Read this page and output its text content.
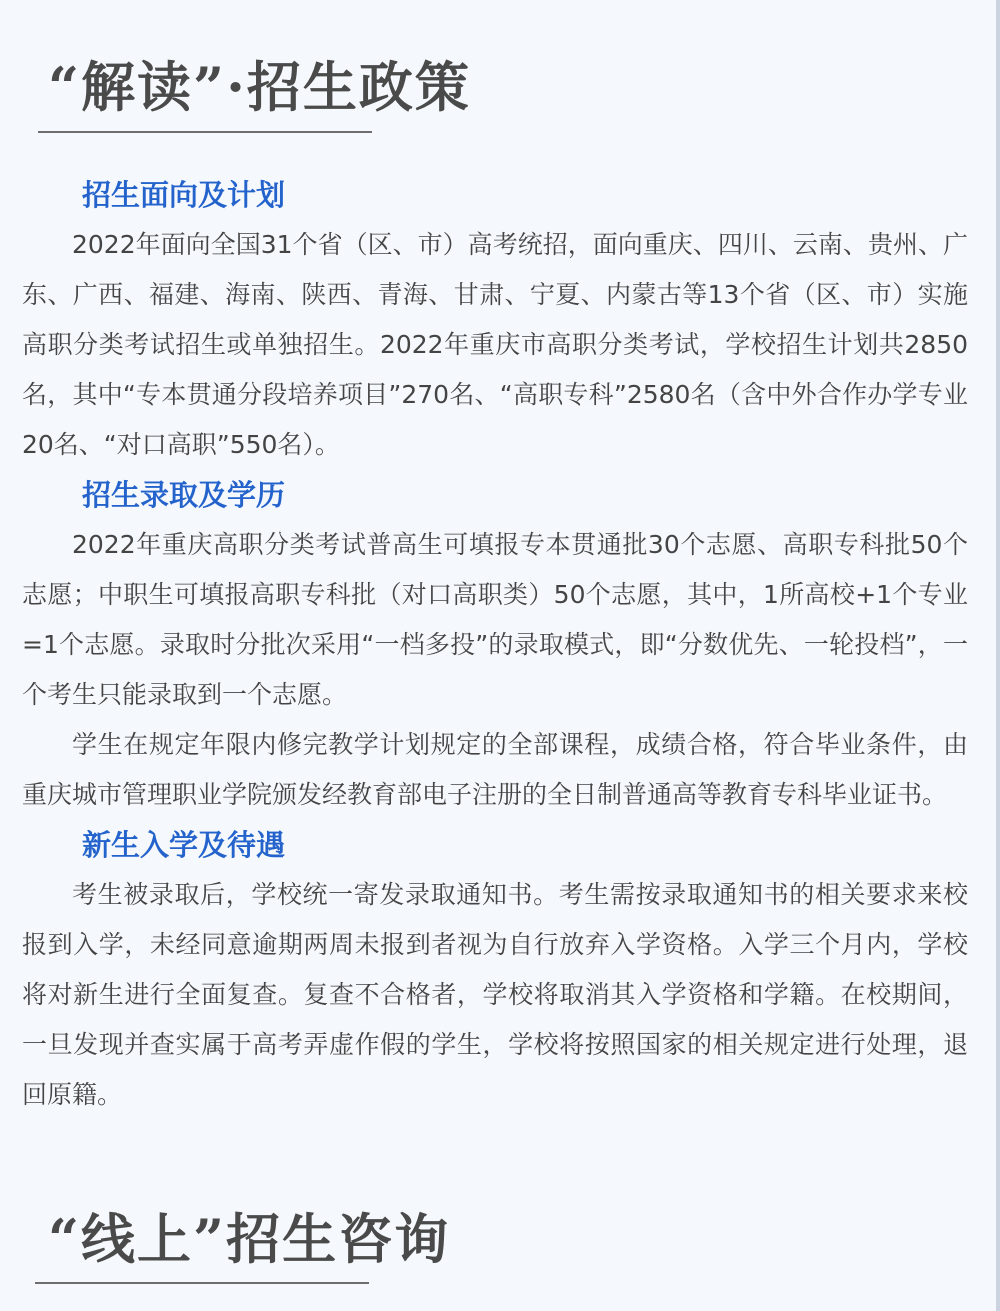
“解读”·招生政策
招生面向及计划

2022年面向全国31个省（区、市）高考统招，面向重庆、四川、云南、贵州、广东、广西、福建、海南、陕西、青海、甘肃、宁夏、内蒙古等13个省（区、市）实施高职分类考试招生或单独招生。2022年重庆市高职分类考试，学校招生计划共2850名，其中“专本贯通分段培养项目”270名、“高职专科”2580名（含中外合作办学专业20名、“对口高职”550名）。

招生录取及学历

2022年重庆高职分类考试普高生可填报专本贯通批30个志愿、高职专科批50个志愿；中职生可填报高职专科批（对口高职类）50个志愿，其中，1所高校+1个专业=1个志愿。录取时分批次采用“一档多投”的录取模式，即“分数优先、一轮投档”，一个考生只能录取到一个志愿。

学生在规定年限内修完教学计划规定的全部课程，成绩合格，符合毕业条件，由重庆城市管理职业学院颁发经教育部电子注册的全日制普通高等教育专科毕业证书。

新生入学及待遇

考生被录取后，学校统一寄发录取通知书。考生需按录取通知书的相关要求来校报到入学，未经同意逾期两周未报到者视为自行放弃入学资格。入学三个月内，学校将对新生进行全面复查。复查不合格者，学校将取消其入学资格和学籍。在校期间，一旦发现并查实属于高考弄虚作假的学生，学校将按照国家的相关规定进行处理，退回原籍。

“线上”招生咨询
